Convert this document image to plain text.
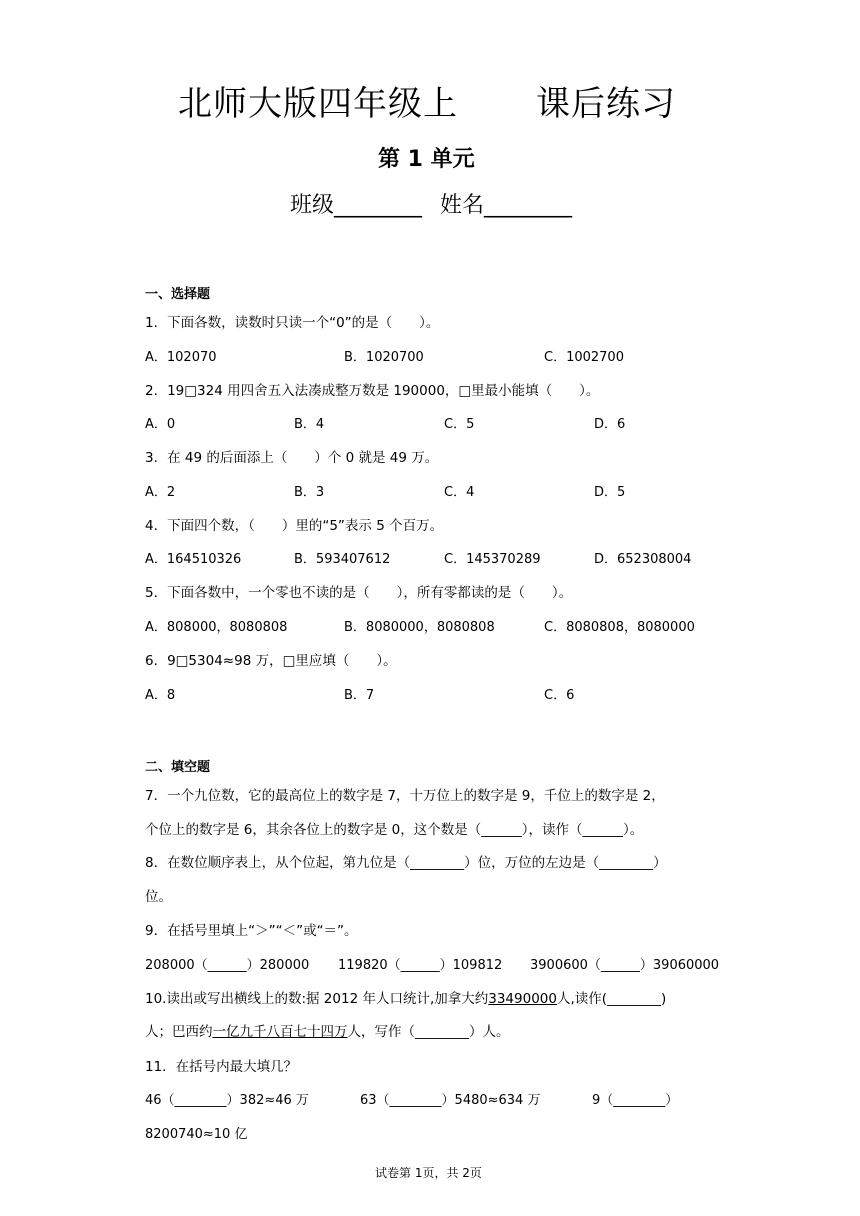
北师大版四年级上 课后练习
第 1 单元
班级________ 姓名________
一、选择题
1．下面各数，读数时只读一个“0”的是（　　）。
A．102070	B．1020700	C．1002700
2．19□324 用四舍五入法凑成整万数是 190000，□里最小能填（　　）。
A．0	B．4	C．5	D．6
3．在 49 的后面添上（　　）个 0 就是 49 万。
A．2	B．3	C．4	D．5
4．下面四个数，（　　）里的“5”表示 5 个百万。
A．164510326	B．593407612	C．145370289	D．652308004
5．下面各数中，一个零也不读的是（　　），所有零都读的是（　　）。
A．808000，8080808	B．8080000，8080808	C．8080808，8080000
6．9□5304≈98 万，□里应填（　　）。
A．8	B．7	C．6
二、填空题
7．一个九位数，它的最高位上的数字是 7，十万位上的数字是 9，千位上的数字是 2，
个位上的数字是 6，其余各位上的数字是 0，这个数是（______），读作（______）。
8．在数位顺序表上，从个位起，第九位是（________）位，万位的左边是（________）
位。
9．在括号里填上“＞”“＜”或“＝”。
208000（______）280000 119820（______）109812 3900600（______）39060000
10.读出或写出横线上的数:据 2012 年人口统计,加拿大约33490000人,读作(________)
人；巴西约一亿九千八百七十四万人，写作（________）人。
11．在括号内最大填几？
46（________）382≈46 万	63（________）5480≈634 万	9（________）
8200740≈10 亿
试卷第 1页，共 2页
